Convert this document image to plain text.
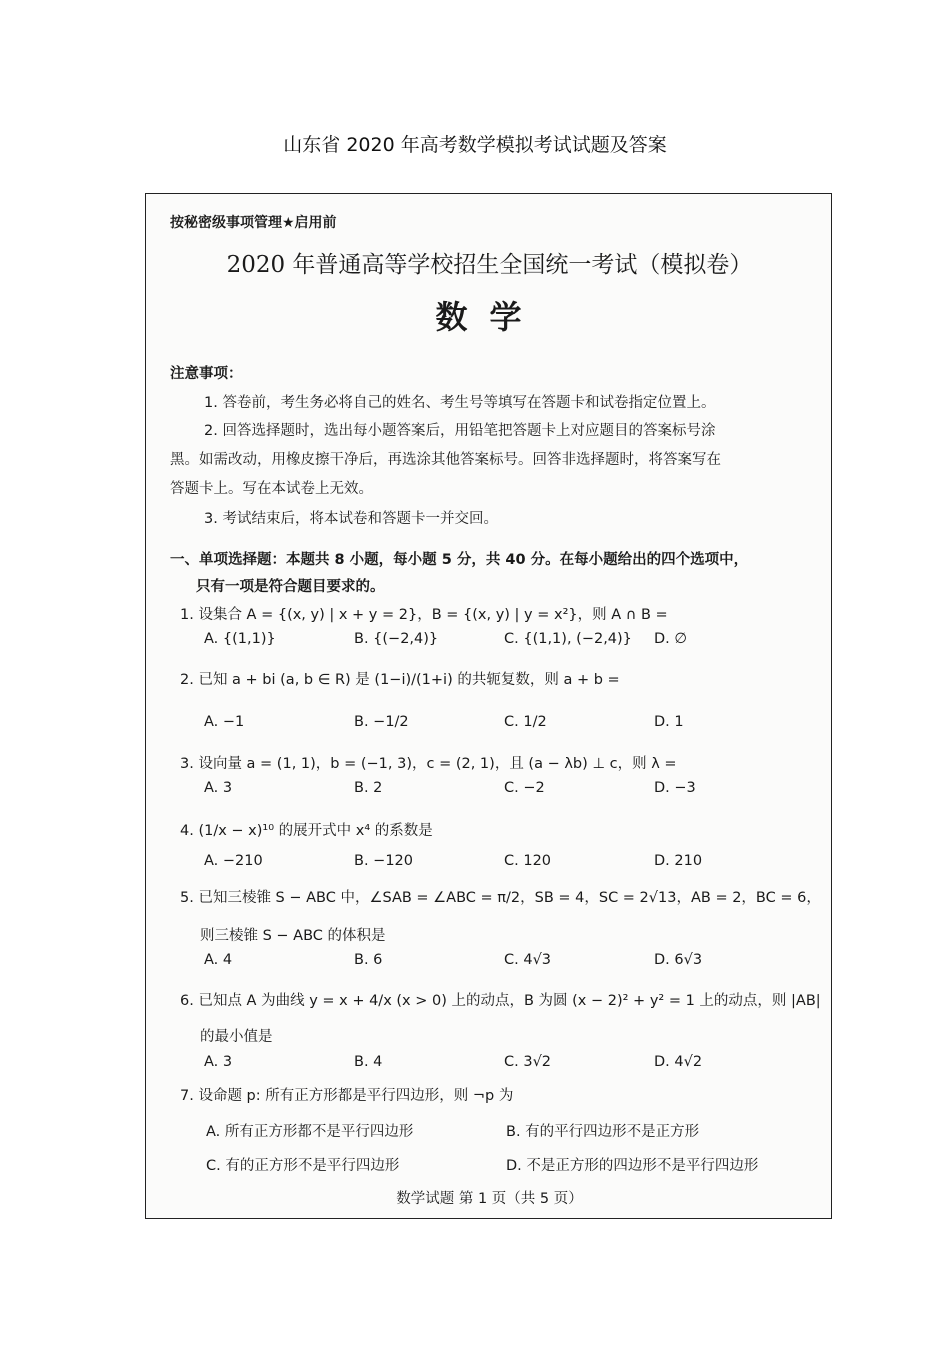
山东省 2020 年高考数学模拟考试试题及答案
按秘密级事项管理★启用前
2020 年普通高等学校招生全国统一考试（模拟卷）
数学
注意事项：
1. 答卷前，考生务必将自己的姓名、考生号等填写在答题卡和试卷指定位置上。
2. 回答选择题时，选出每小题答案后，用铅笔把答题卡上对应题目的答案标号涂
黑。如需改动，用橡皮擦干净后，再选涂其他答案标号。回答非选择题时，将答案写在
答题卡上。写在本试卷上无效。
3. 考试结束后，将本试卷和答题卡一并交回。
一、单项选择题：本题共 8 小题，每小题 5 分，共 40 分。在每小题给出的四个选项中，
只有一项是符合题目要求的。
1. 设集合 A = {(x, y) | x + y = 2}，B = {(x, y) | y = x²}，则 A ∩ B =
A. {(1,1)}	B. {(−2,4)}	C. {(1,1), (−2,4)} D. ∅
2. 已知 a + bi (a, b ∈ R) 是 (1−i)/(1+i) 的共轭复数，则 a + b =
A. −1	B. −1/2	C. 1/2	D. 1
3. 设向量 a = (1, 1)，b = (−1, 3)，c = (2, 1)，且 (a − λb) ⊥ c，则 λ =
A. 3	B. 2	C. −2	D. −3
4. (1/x − x)¹⁰ 的展开式中 x⁴ 的系数是
A. −210	B. −120	C. 120	D. 210
5. 已知三棱锥 S − ABC 中，∠SAB = ∠ABC = π/2，SB = 4，SC = 2√13，AB = 2，BC = 6，
则三棱锥 S − ABC 的体积是
A. 4	B. 6	C. 4√3	D. 6√3
6. 已知点 A 为曲线 y = x + 4/x (x > 0) 上的动点，B 为圆 (x − 2)² + y² = 1 上的动点，则 |AB|
的最小值是
A. 3	B. 4	C. 3√2	D. 4√2
7. 设命题 p: 所有正方形都是平行四边形，则 ¬p 为
A. 所有正方形都不是平行四边形	B. 有的平行四边形不是正方形
C. 有的正方形不是平行四边形	D. 不是正方形的四边形不是平行四边形
数学试题 第 1 页（共 5 页）
